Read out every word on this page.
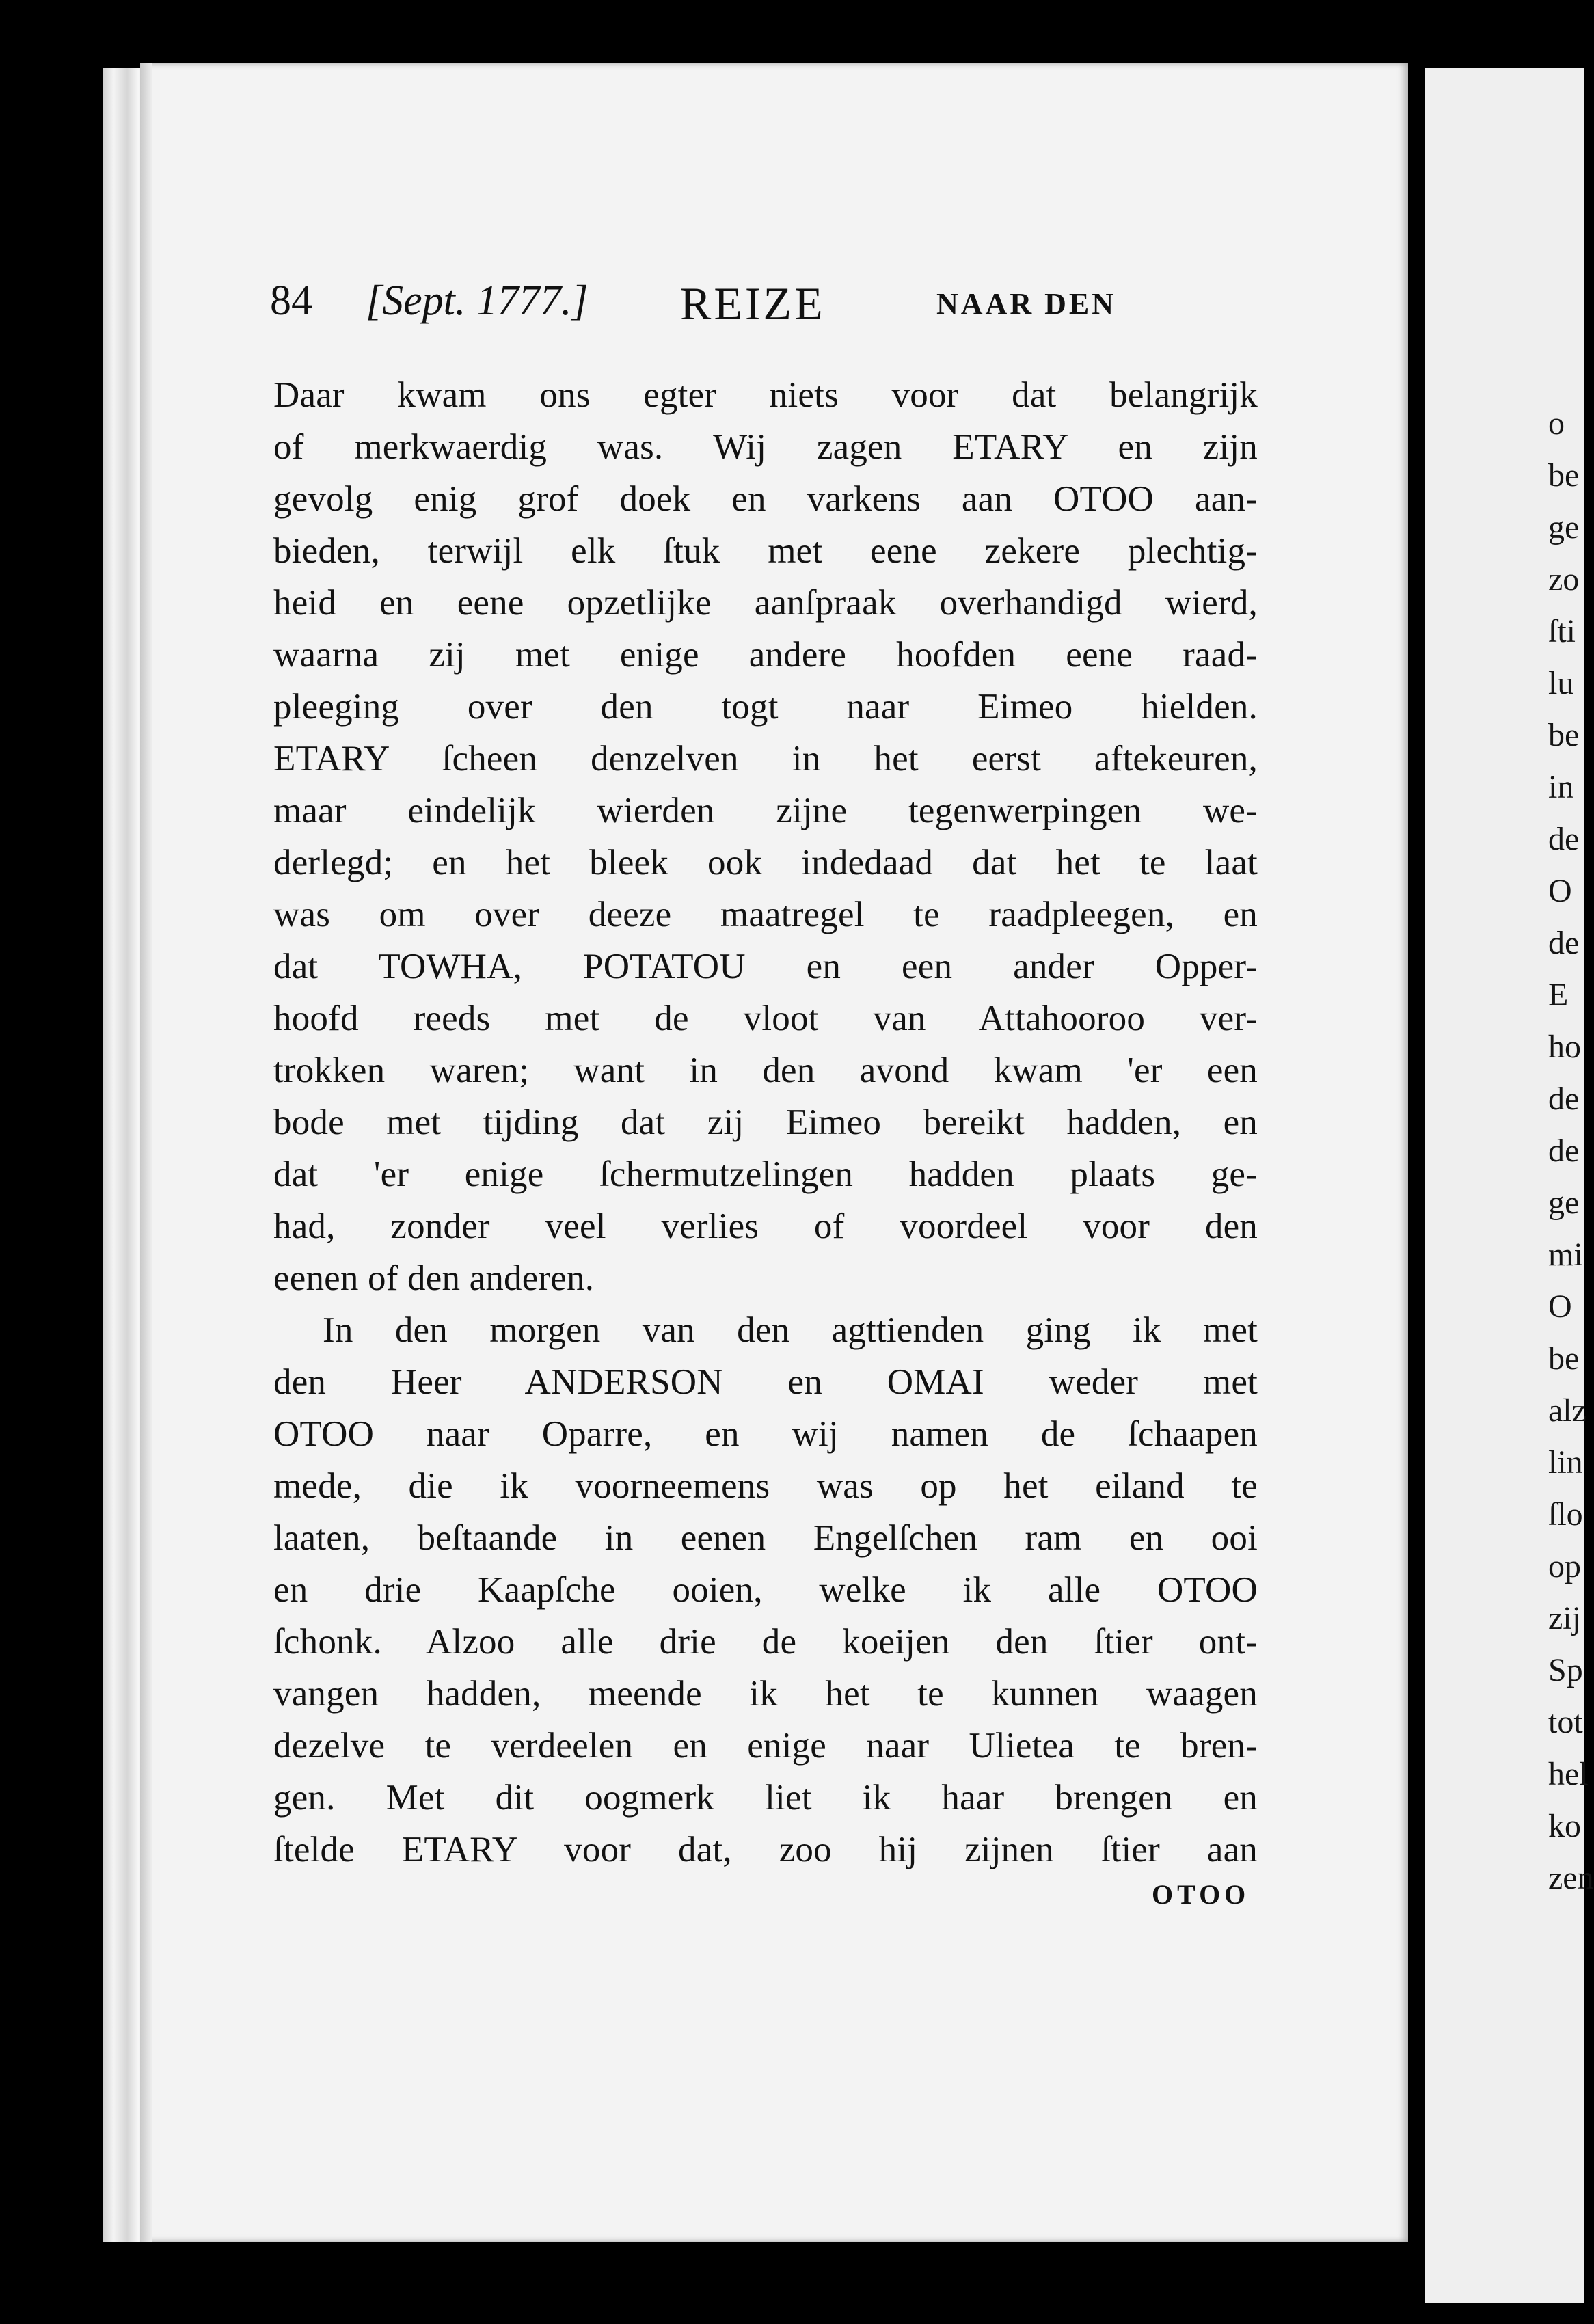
84 [Sept. 1777.] REIZE	NAAR DEN
Daar kwam ons egter niets voor dat belangrijk
of merkwaerdig was. Wij zagen ETARY en zijn
gevolg enig grof doek en varkens aan OTOO aan-
bieden, terwijl elk ſtuk met eene zekere plechtig-
heid en eene opzetlijke aanſpraak overhandigd wierd,
waarna zij met enige andere hoofden eene raad-
pleeging over den togt naar Eimeo hielden.
ETARY ſcheen denzelven in het eerst aftekeuren,
maar eindelijk wierden zijne tegenwerpingen we-
derlegd; en het bleek ook indedaad dat het te laat
was om over deeze maatregel te raadpleegen, en
dat TOWHA, POTATOU en een ander Opper-
hoofd reeds met de vloot van Attahooroo ver-
trokken waren; want in den avond kwam 'er een
bode met tijding dat zij Eimeo bereikt hadden, en
dat 'er enige ſchermutzelingen hadden plaats ge-
had, zonder veel verlies of voordeel voor den
eenen of den anderen.
In den morgen van den agttienden ging ik met
den Heer ANDERSON en OMAI weder met
OTOO naar Oparre, en wij namen de ſchaapen
mede, die ik voorneemens was op het eiland te
laaten, beſtaande in eenen Engelſchen ram en ooi
en drie Kaapſche ooien, welke ik alle OTOO
ſchonk. Alzoo alle drie de koeijen den ſtier ont-
vangen hadden, meende ik het te kunnen waagen
dezelve te verdeelen en enige naar Ulietea te bren-
gen. Met dit oogmerk liet ik haar brengen en
ſtelde ETARY voor dat, zoo hij zijnen ſtier aan
OTOO
o
be
ge
zo
ſti
lu
be
in
de
O
de
E
ho
de
de
ge
mi
O
be
alz
lin
ſlo
op
zij
Sp
tot
hel
ko
zen
